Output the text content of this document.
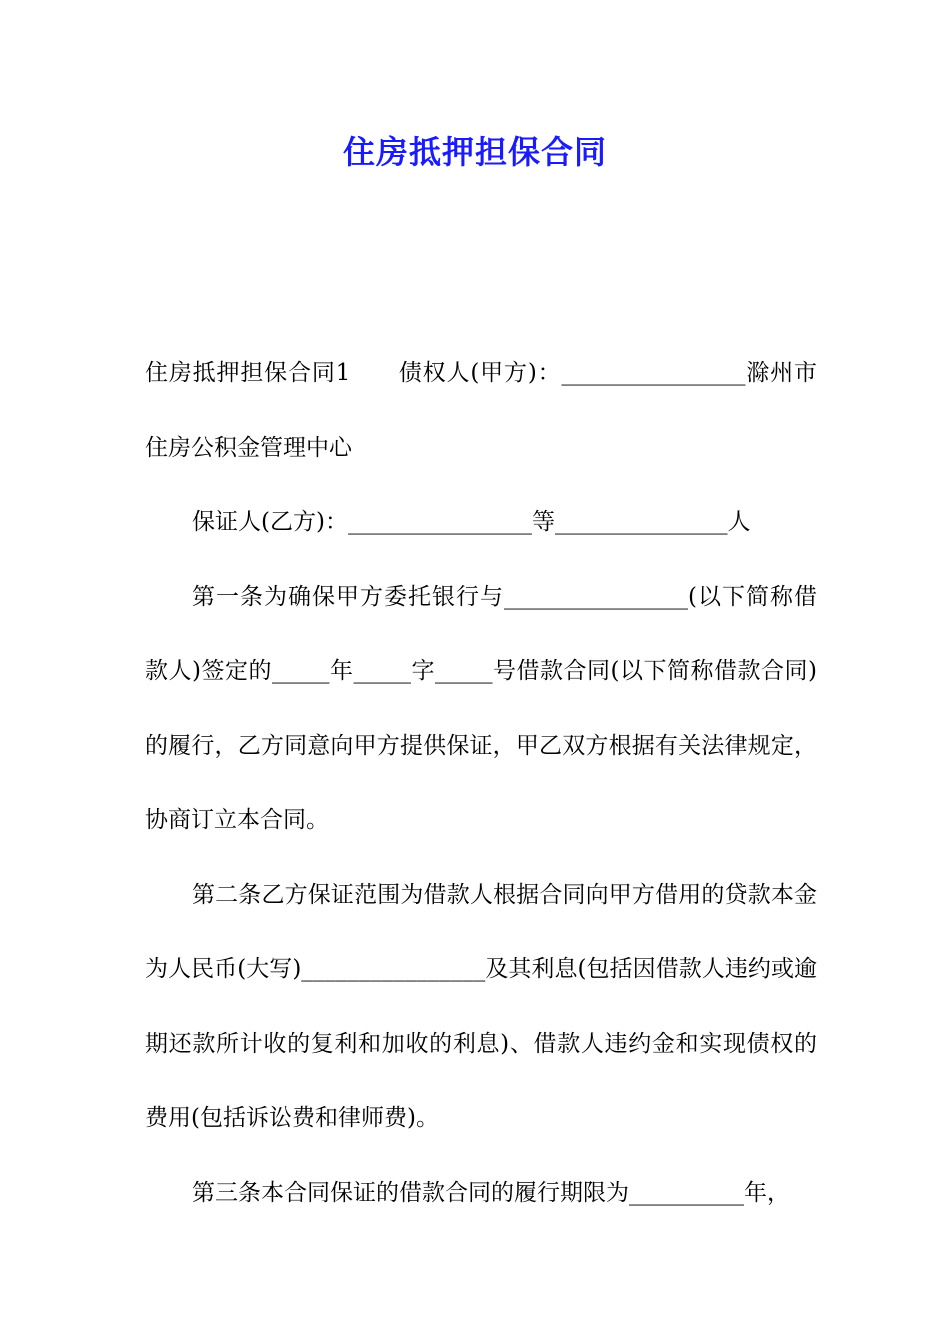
住房抵押担保合同

住房抵押担保合同1　　债权人(甲方)：________________滁州市住房公积金管理中心

保证人(乙方)：________________等_______________人

第一条为确保甲方委托银行与________________(以下简称借款人)签定的_____年_____字_____号借款合同(以下简称借款合同)的履行，乙方同意向甲方提供保证，甲乙双方根据有关法律规定，协商订立本合同。

第二条乙方保证范围为借款人根据合同向甲方借用的贷款本金为人民币(大写)________________及其利息(包括因借款人违约或逾期还款所计收的复利和加收的利息)、借款人违约金和实现债权的费用(包括诉讼费和律师费)。

第三条本合同保证的借款合同的履行期限为__________年，
